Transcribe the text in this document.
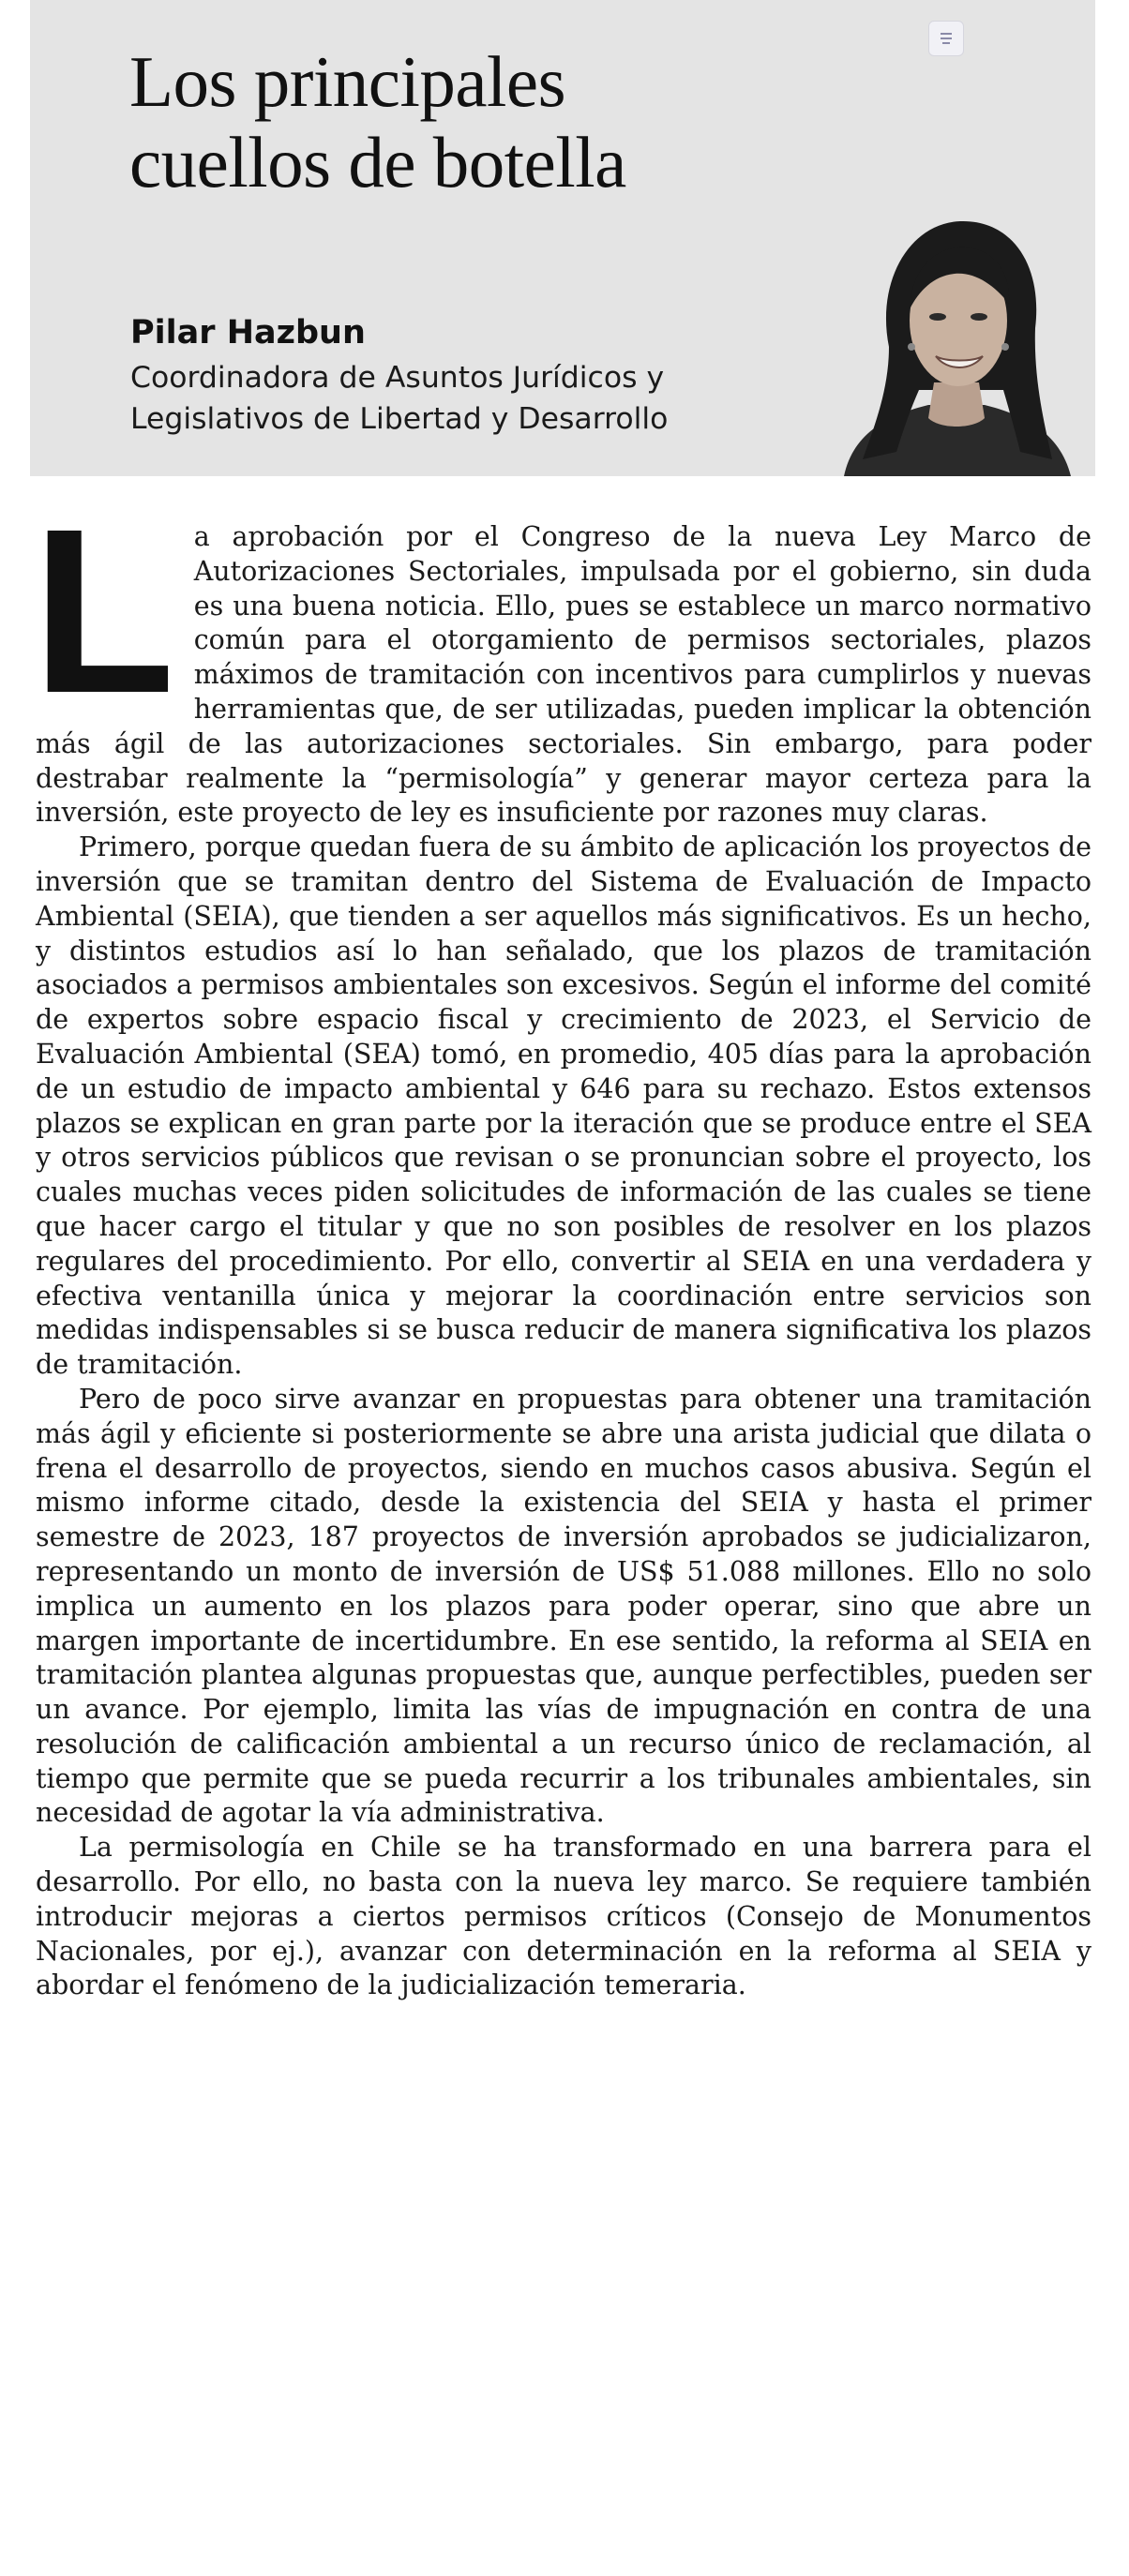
Los principales
cuellos de botella
Pilar Hazbun
Coordinadora de Asuntos Jurídicos y
Legislativos de Libertad y Desarrollo

La aprobación por el Congreso de la nueva Ley Marco de Autorizaciones Sectoriales, impulsada por el gobierno, sin duda es una buena noticia. Ello, pues se establece un marco normativo común para el otorgamiento de permisos sectoriales, plazos máximos de tramitación con incentivos para cumplirlos y nuevas herramientas que, de ser utilizadas, pueden implicar la obtención más ágil de las autorizaciones sectoriales. Sin embargo, para poder destrabar realmente la “permisología” y generar mayor certeza para la inversión, este proyecto de ley es insuficiente por razones muy claras.

Primero, porque quedan fuera de su ámbito de aplicación los proyectos de inversión que se tramitan dentro del Sistema de Evaluación de Impacto Ambiental (SEIA), que tienden a ser aquellos más significativos. Es un hecho, y distintos estudios así lo han señalado, que los plazos de tramitación asociados a permisos ambientales son excesivos. Según el informe del comité de expertos sobre espacio fiscal y crecimiento de 2023, el Servicio de Evaluación Ambiental (SEA) tomó, en promedio, 405 días para la aprobación de un estudio de impacto ambiental y 646 para su rechazo. Estos extensos plazos se explican en gran parte por la iteración que se produce entre el SEA y otros servicios públicos que revisan o se pronuncian sobre el proyecto, los cuales muchas veces piden solicitudes de información de las cuales se tiene que hacer cargo el titular y que no son posibles de resolver en los plazos regulares del procedimiento. Por ello, convertir al SEIA en una verdadera y efectiva ventanilla única y mejorar la coordinación entre servicios son medidas indispensables si se busca reducir de manera significativa los plazos de tramitación.

Pero de poco sirve avanzar en propuestas para obtener una tramitación más ágil y eficiente si posteriormente se abre una arista judicial que dilata o frena el desarrollo de proyectos, siendo en muchos casos abusiva. Según el mismo informe citado, desde la existencia del SEIA y hasta el primer semestre de 2023, 187 proyectos de inversión aprobados se judicializaron, representando un monto de inversión de US$ 51.088 millones. Ello no solo implica un aumento en los plazos para poder operar, sino que abre un margen importante de incertidumbre. En ese sentido, la reforma al SEIA en tramitación plantea algunas propuestas que, aunque perfectibles, pueden ser un avance. Por ejemplo, limita las vías de impugnación en contra de una resolución de calificación ambiental a un recurso único de reclamación, al tiempo que permite que se pueda recurrir a los tribunales ambientales, sin necesidad de agotar la vía administrativa.

La permisología en Chile se ha transformado en una barrera para el desarrollo. Por ello, no basta con la nueva ley marco. Se requiere también introducir mejoras a ciertos permisos críticos (Consejo de Monumentos Nacionales, por ej.), avanzar con determinación en la reforma al SEIA y abordar el fenómeno de la judicialización temeraria.
